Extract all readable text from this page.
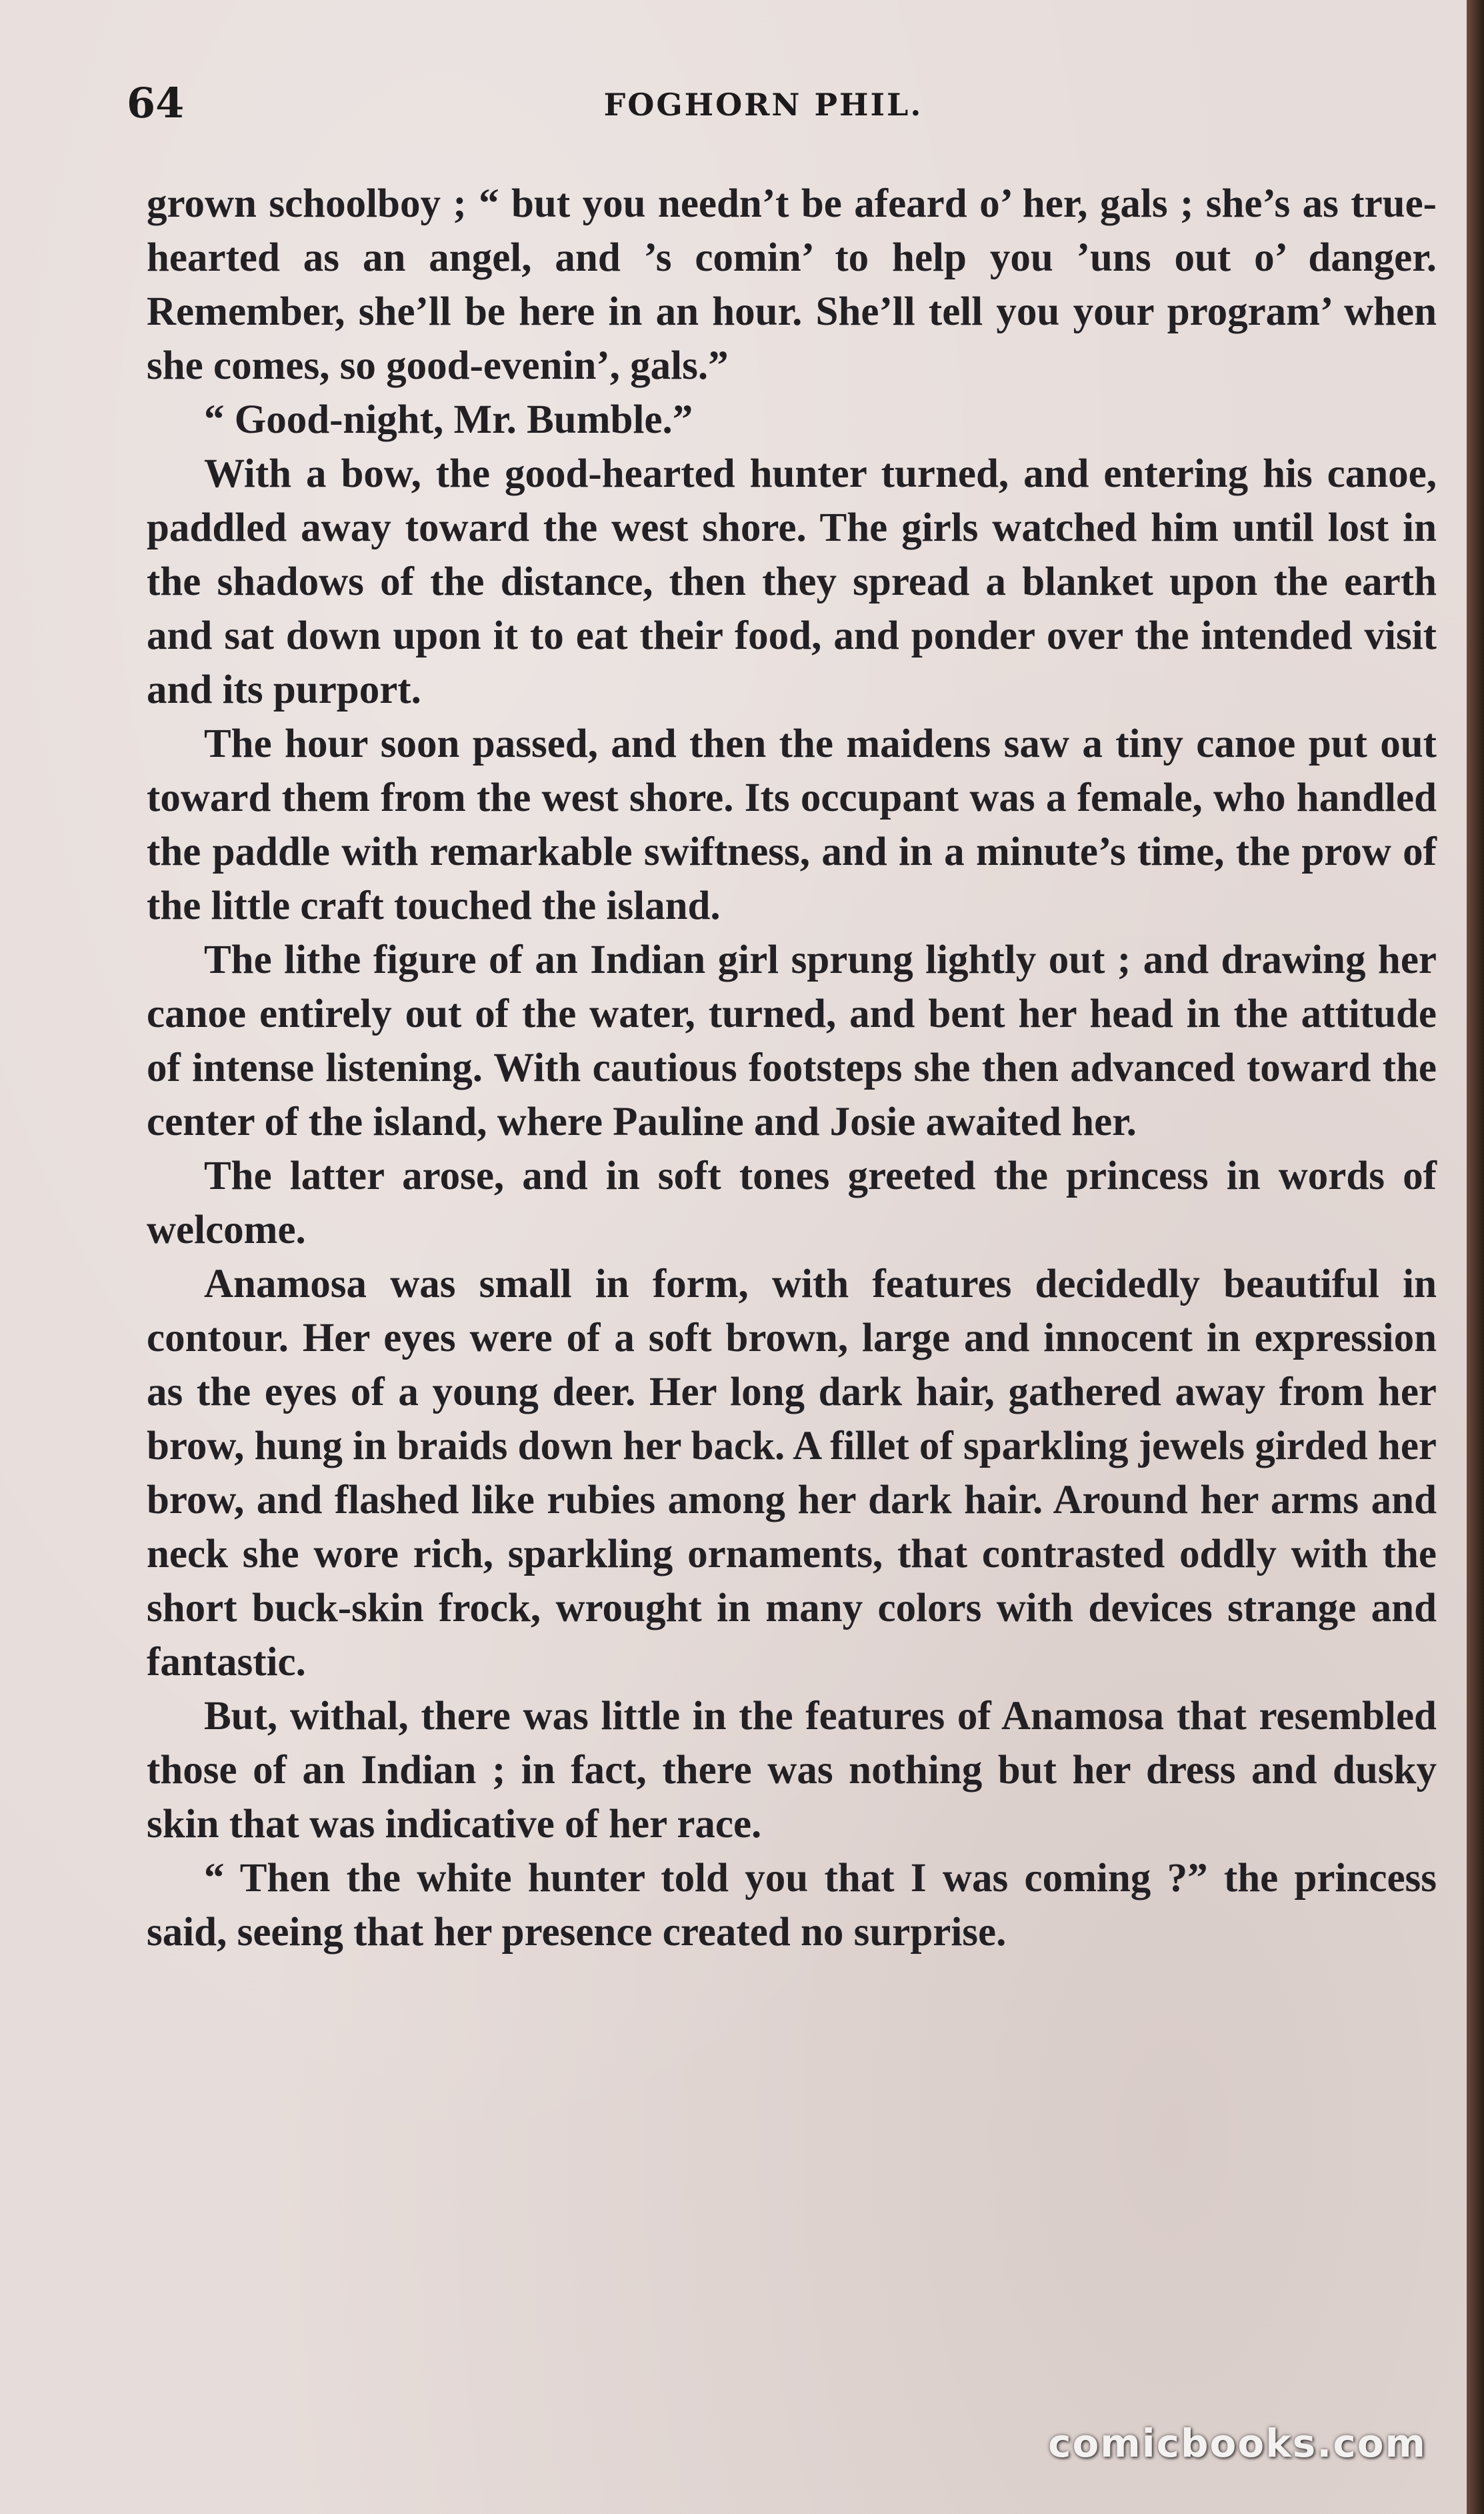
64	FOGHORN PHIL.

grown schoolboy ; “ but you needn’t be afeard o’ her, gals ; she’s as true-hearted as an angel, and ’s comin’ to help you ’uns out o’ danger. Remember, she’ll be here in an hour. She’ll tell you your program’ when she comes, so good-evenin’, gals.”

“ Good-night, Mr. Bumble.”

With a bow, the good-hearted hunter turned, and entering his canoe, paddled away toward the west shore. The girls watched him until lost in the shadows of the distance, then they spread a blanket upon the earth and sat down upon it to eat their food, and ponder over the intended visit and its purport.

The hour soon passed, and then the maidens saw a tiny canoe put out toward them from the west shore. Its occupant was a female, who handled the paddle with remarkable swiftness, and in a minute’s time, the prow of the little craft touched the island.

The lithe figure of an Indian girl sprung lightly out ; and drawing her canoe entirely out of the water, turned, and bent her head in the attitude of intense listening. With cautious footsteps she then advanced toward the center of the island, where Pauline and Josie awaited her.

The latter arose, and in soft tones greeted the princess in words of welcome.

Anamosa was small in form, with features decidedly beautiful in contour. Her eyes were of a soft brown, large and innocent in expression as the eyes of a young deer. Her long dark hair, gathered away from her brow, hung in braids down her back. A fillet of sparkling jewels girded her brow, and flashed like rubies among her dark hair. Around her arms and neck she wore rich, sparkling ornaments, that contrasted oddly with the short buck-skin frock, wrought in many colors with devices strange and fantastic.

But, withal, there was little in the features of Anamosa that resembled those of an Indian ; in fact, there was nothing but her dress and dusky skin that was indicative of her race.

“ Then the white hunter told you that I was coming ?” the princess said, seeing that her presence created no surprise.

comicbooks.com
